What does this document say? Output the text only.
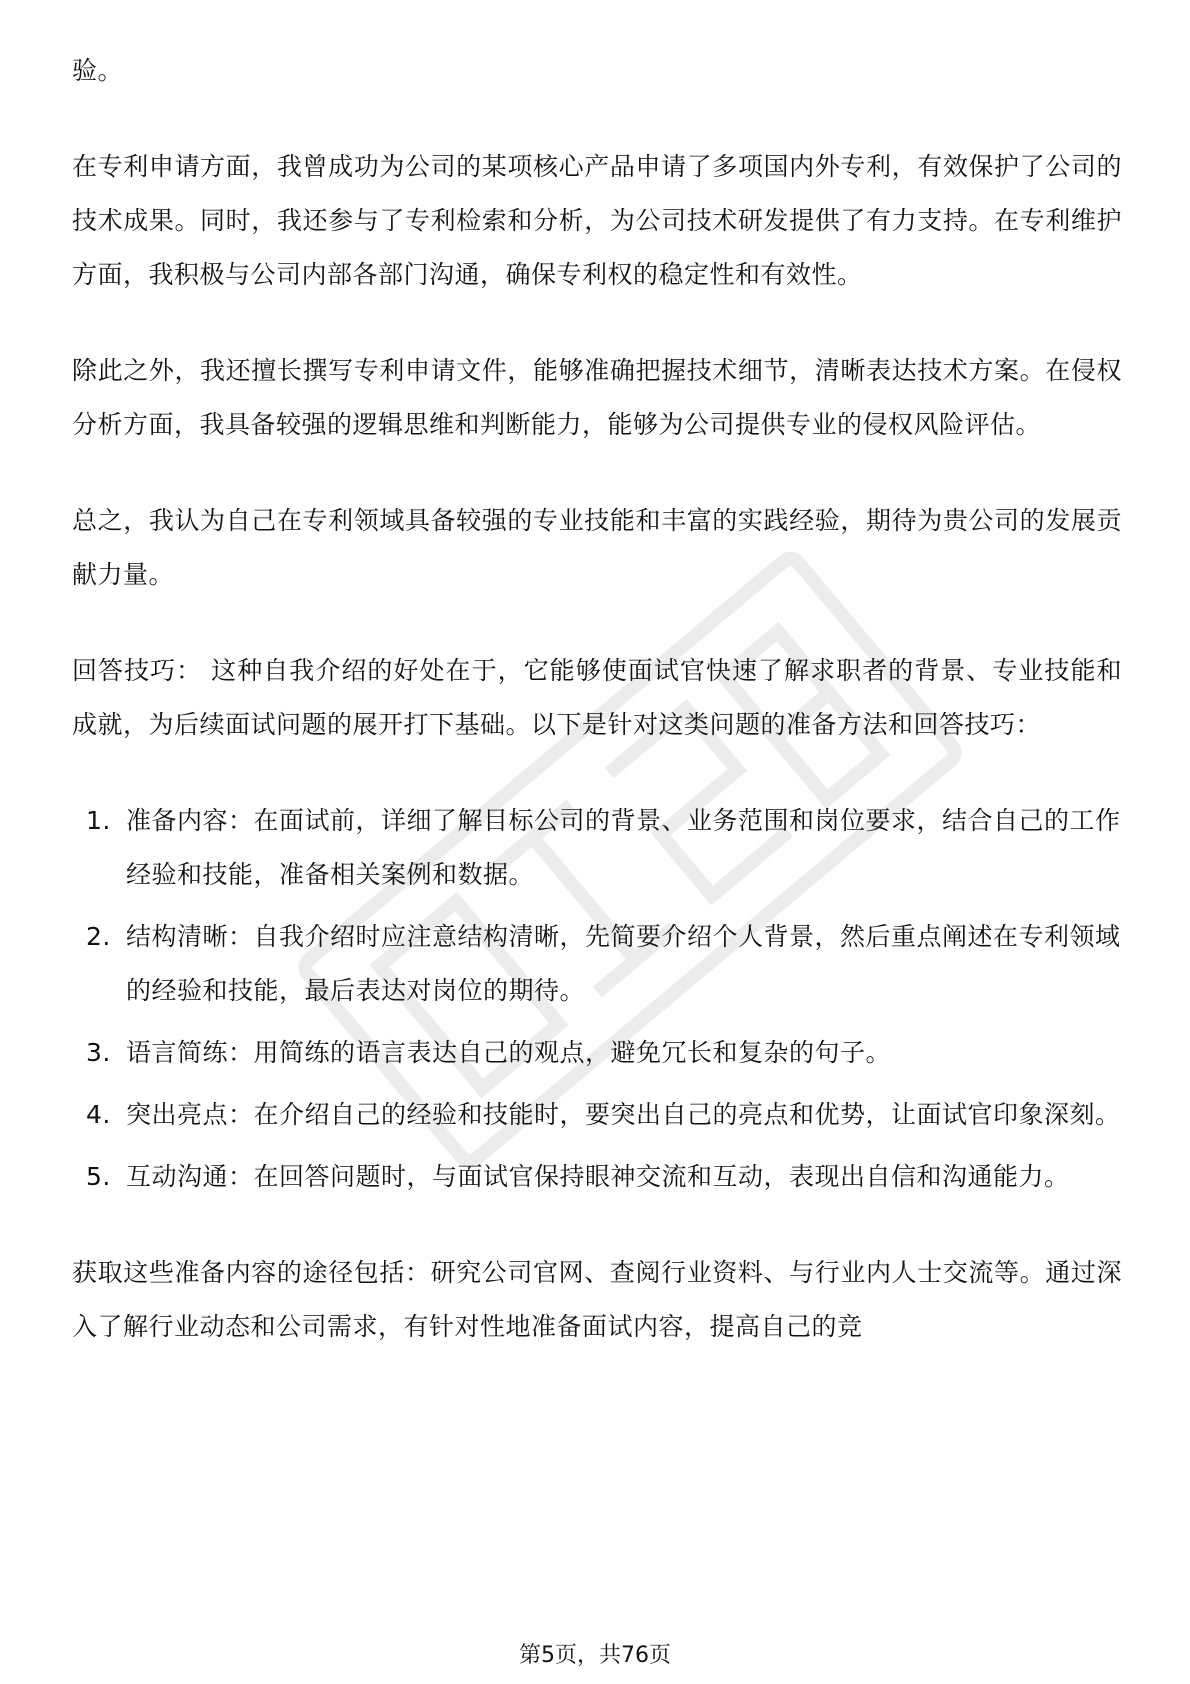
验。

在专利申请方面，我曾成功为公司的某项核心产品申请了多项国内外专利，有效保护了公司的技术成果。同时，我还参与了专利检索和分析，为公司技术研发提供了有力支持。在专利维护方面，我积极与公司内部各部门沟通，确保专利权的稳定性和有效性。

除此之外，我还擅长撰写专利申请文件，能够准确把握技术细节，清晰表达技术方案。在侵权分析方面，我具备较强的逻辑思维和判断能力，能够为公司提供专业的侵权风险评估。

总之，我认为自己在专利领域具备较强的专业技能和丰富的实践经验，期待为贵公司的发展贡献力量。

回答技巧： 这种自我介绍的好处在于，它能够使面试官快速了解求职者的背景、专业技能和成就，为后续面试问题的展开打下基础。以下是针对这类问题的准备方法和回答技巧：

1. 准备内容：在面试前，详细了解目标公司的背景、业务范围和岗位要求，结合自己的工作经验和技能，准备相关案例和数据。
2. 结构清晰：自我介绍时应注意结构清晰，先简要介绍个人背景，然后重点阐述在专利领域的经验和技能，最后表达对岗位的期待。
3. 语言简练：用简练的语言表达自己的观点，避免冗长和复杂的句子。
4. 突出亮点：在介绍自己的经验和技能时，要突出自己的亮点和优势，让面试官印象深刻。
5. 互动沟通：在回答问题时，与面试官保持眼神交流和互动，表现出自信和沟通能力。

获取这些准备内容的途径包括：研究公司官网、查阅行业资料、与行业内人士交流等。通过深入了解行业动态和公司需求，有针对性地准备面试内容，提高自己的竞

第5页，共76页
